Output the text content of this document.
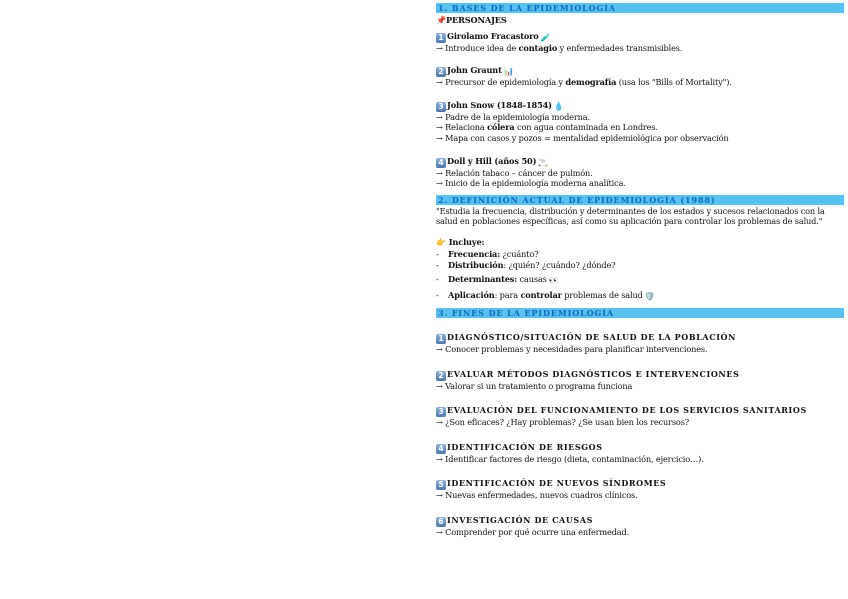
1. BASES DE LA EPIDEMIOLOGÍA
📌PERSONAJES
1 Girolamo Fracastoro 🧪
→ Introduce idea de contagio y enfermedades transmisibles.
2 John Graunt 📊
→ Precursor de epidemiología y demografía (usa los "Bills of Mortality").
3 John Snow (1848-1854) 💧
→ Padre de la epidemiología moderna.
→ Relaciona cólera con agua contaminada en Londres.
→ Mapa con casos y pozos = mentalidad epidemiológica por observación
4 Doll y Hill (años 50) 🚬
→ Relación tabaco – cáncer de pulmón.
→ Inicio de la epidemiología moderna analítica.
2. DEFINICIÓN ACTUAL DE EPIDEMIOLOGÍA (1988)
"Estudia la frecuencia, distribución y determinantes de los estados y sucesos relacionados con la salud en poblaciones específicas, así como su aplicación para controlar los problemas de salud."
👉 Incluye:
-	Frecuencia: ¿cuánto?
-	Distribución: ¿quién? ¿cuándo? ¿dónde?
-	Determinantes: causas 👀
-	Aplicación: para controlar problemas de salud 🛡️
3. FINES DE LA EPIDEMIOLOGÍA
1 DIAGNÓSTICO/SITUACIÓN DE SALUD DE LA POBLACIÓN
→ Conocer problemas y necesidades para planificar intervenciones.
2 EVALUAR MÉTODOS DIAGNÓSTICOS E INTERVENCIONES
→ Valorar si un tratamiento o programa funciona
3 EVALUACIÓN DEL FUNCIONAMIENTO DE LOS SERVICIOS SANITARIOS
→ ¿Son eficaces? ¿Hay problemas? ¿Se usan bien los recursos?
4 IDENTIFICACIÓN DE RIESGOS
→ Identificar factores de riesgo (dieta, contaminación, ejercicio…).
5 IDENTIFICACIÓN DE NUEVOS SÍNDROMES
→ Nuevas enfermedades, nuevos cuadros clínicos.
6 INVESTIGACIÓN DE CAUSAS
→ Comprender por qué ocurre una enfermedad.
